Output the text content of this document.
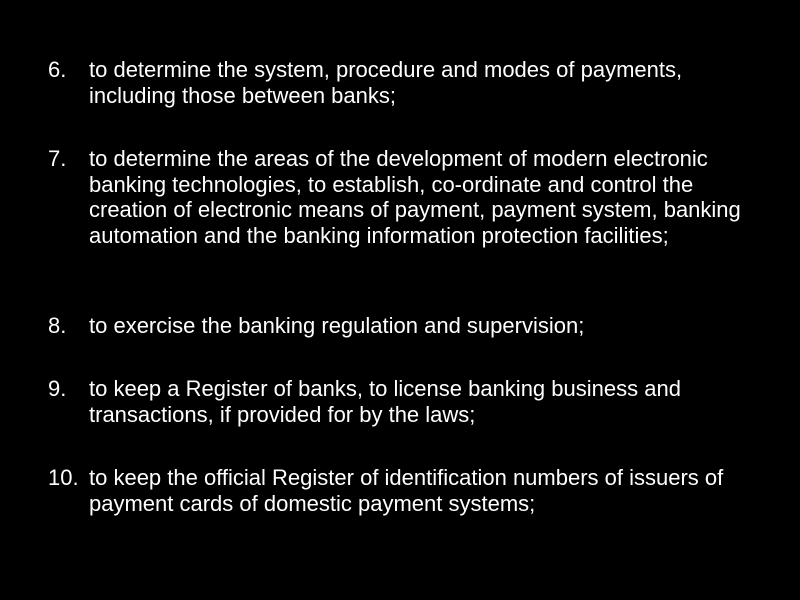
6.	to determine the system, procedure and modes of payments, including those between banks;
7.	to determine the areas of the development of modern electronic banking technologies, to establish, co-ordinate and control the creation of electronic means of payment, payment system, banking automation and the banking information protection facilities;
8.	to exercise the banking regulation and supervision;
9.	to keep a Register of banks, to license banking business and transactions, if provided for by the laws;
10. to keep the official Register of identification numbers of issuers of payment cards of domestic payment systems;
